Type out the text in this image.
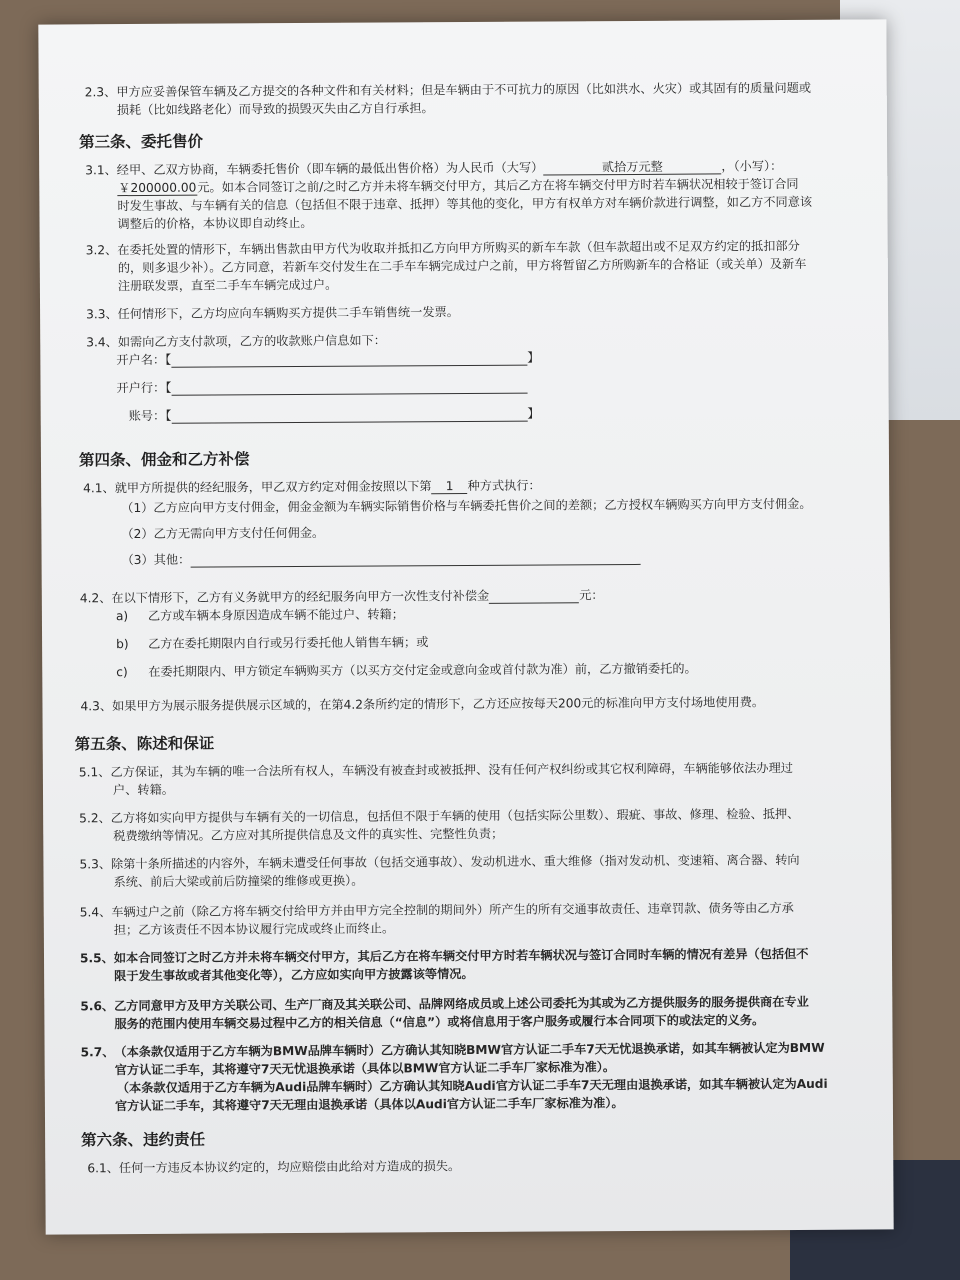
2.3、甲方应妥善保管车辆及乙方提交的各种文件和有关材料；但是车辆由于不可抗力的原因（比如洪水、火灾）或其固有的质量问题或
损耗（比如线路老化）而导致的损毁灭失由乙方自行承担。
第三条、委托售价
3.1、经甲、乙双方协商，车辆委托售价（即车辆的最低出售价格）为人民币（大写）	贰拾万元整	，（小写）：
￥200000.00元。如本合同签订之前/之时乙方并未将车辆交付甲方，其后乙方在将车辆交付甲方时若车辆状况相较于签订合同
时发生事故、与车辆有关的信息（包括但不限于违章、抵押）等其他的变化，甲方有权单方对车辆价款进行调整，如乙方不同意该
调整后的价格，本协议即自动终止。
3.2、在委托处置的情形下，车辆出售款由甲方代为收取并抵扣乙方向甲方所购买的新车车款（但车款超出或不足双方约定的抵扣部分
的，则多退少补）。乙方同意，若新车交付发生在二手车车辆完成过户之前，甲方将暂留乙方所购新车的合格证（或关单）及新车
注册联发票，直至二手车车辆完成过户。
3.3、任何情形下，乙方均应向车辆购买方提供二手车销售统一发票。
3.4、如需向乙方支付款项，乙方的收款账户信息如下：
开户名：【	】
开户行：【
账号：【	】
第四条、佣金和乙方补偿
4.1、就甲方所提供的经纪服务，甲乙双方约定对佣金按照以下第 1 种方式执行：
（1）乙方应向甲方支付佣金，佣金金额为车辆实际销售价格与车辆委托售价之间的差额；乙方授权车辆购买方向甲方支付佣金。
（2）乙方无需向甲方支付任何佣金。
（3）其他：
4.2、在以下情形下，乙方有义务就甲方的经纪服务向甲方一次性支付补偿金	元：
a) 乙方或车辆本身原因造成车辆不能过户、转籍；
b) 乙方在委托期限内自行或另行委托他人销售车辆；或
c) 在委托期限内、甲方锁定车辆购买方（以买方交付定金或意向金或首付款为准）前，乙方撤销委托的。
4.3、如果甲方为展示服务提供展示区域的，在第4.2条所约定的情形下，乙方还应按每天200元的标准向甲方支付场地使用费。
第五条、陈述和保证
5.1、乙方保证，其为车辆的唯一合法所有权人，车辆没有被查封或被抵押、没有任何产权纠纷或其它权利障碍，车辆能够依法办理过
户、转籍。
5.2、乙方将如实向甲方提供与车辆有关的一切信息，包括但不限于车辆的使用（包括实际公里数）、瑕疵、事故、修理、检验、抵押、
税费缴纳等情况。乙方应对其所提供信息及文件的真实性、完整性负责；
5.3、除第十条所描述的内容外，车辆未遭受任何事故（包括交通事故）、发动机进水、重大维修（指对发动机、变速箱、离合器、转向
系统、前后大梁或前后防撞梁的维修或更换）。
5.4、车辆过户之前（除乙方将车辆交付给甲方并由甲方完全控制的期间外）所产生的所有交通事故责任、违章罚款、债务等由乙方承
担；乙方该责任不因本协议履行完成或终止而终止。
5.5、如本合同签订之时乙方并未将车辆交付甲方，其后乙方在将车辆交付甲方时若车辆状况与签订合同时车辆的情况有差异（包括但不
限于发生事故或者其他变化等），乙方应如实向甲方披露该等情况。
5.6、乙方同意甲方及甲方关联公司、生产厂商及其关联公司、品牌网络成员或上述公司委托为其或为乙方提供服务的服务提供商在专业
服务的范围内使用车辆交易过程中乙方的相关信息（“信息”）或将信息用于客户服务或履行本合同项下的或法定的义务。
5.7、（本条款仅适用于乙方车辆为BMW品牌车辆时）乙方确认其知晓BMW官方认证二手车7天无忧退换承诺，如其车辆被认定为BMW
官方认证二手车，其将遵守7天无忧退换承诺（具体以BMW官方认证二手车厂家标准为准）。
（本条款仅适用于乙方车辆为Audi品牌车辆时）乙方确认其知晓Audi官方认证二手车7天无理由退换承诺，如其车辆被认定为Audi
官方认证二手车，其将遵守7天无理由退换承诺（具体以Audi官方认证二手车厂家标准为准）。
第六条、违约责任
6.1、任何一方违反本协议约定的，均应赔偿由此给对方造成的损失。
